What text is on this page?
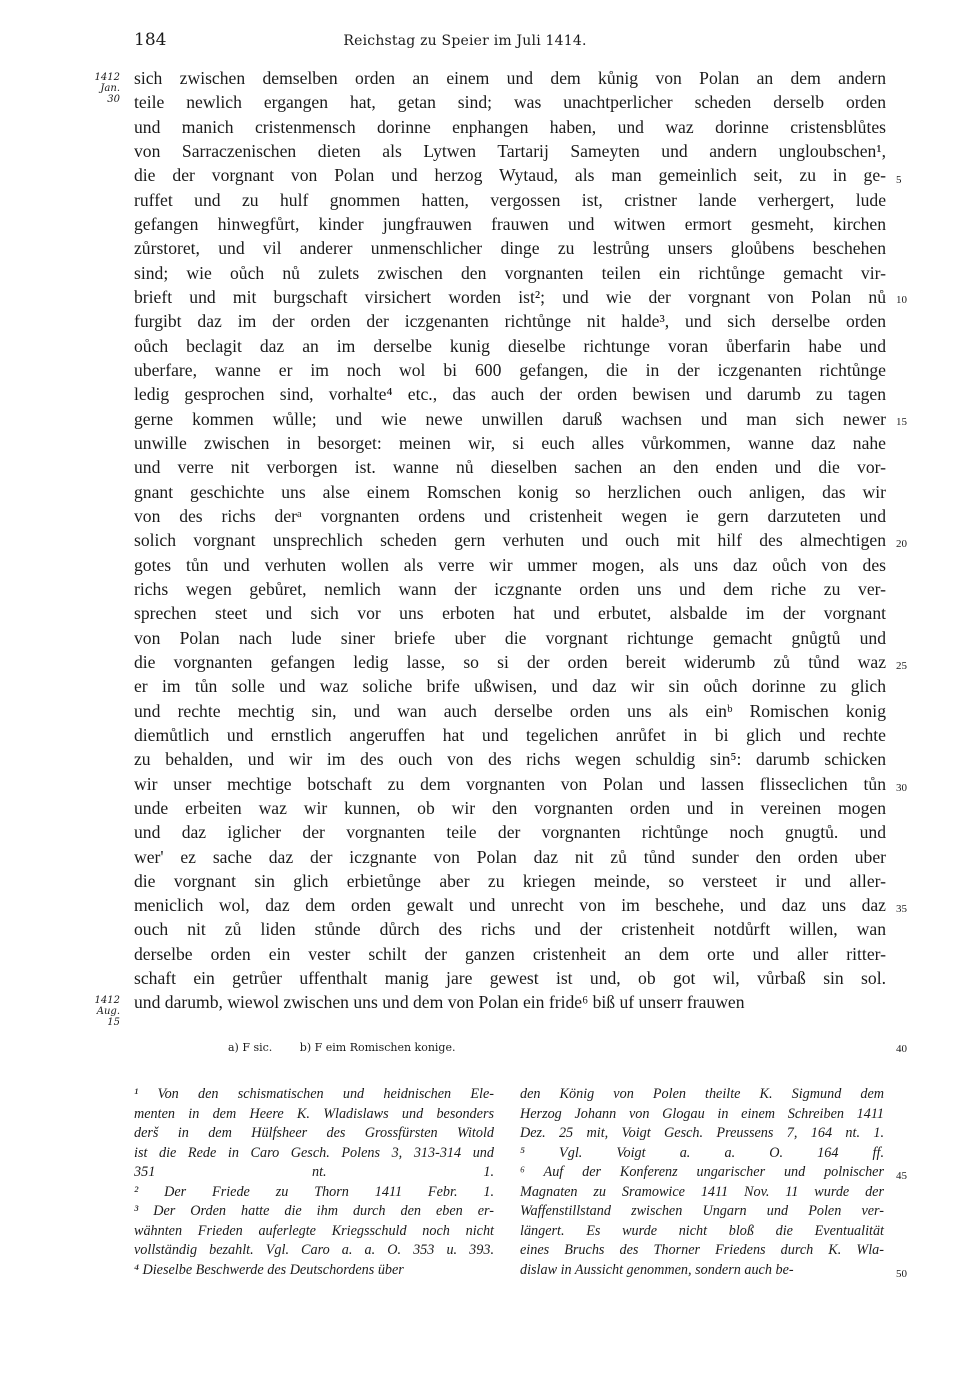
184	Reichstag zu Speier im Juli 1414.
1412
Jan. 30
1412
Aug. 15
sich zwischen demselben orden an einem und dem kůnig von Polan an dem andern
teile newlich ergangen hat, getan sind; was unachtperlicher scheden derselb orden
und manich cristenmensch dorinne enphangen haben, und waz dorinne cristensblůtes
von Sarraczenischen dieten als Lytwen Tartarij Sameyten und andern ungloubschen¹,
die der vorgnant von Polan und herzog Wytaud, als man gemeinlich seit, zu in ge-
ruffet und zu hulf gnommen hatten, vergossen ist, cristner lande verhergert, lude
gefangen hinwegfůrt, kinder jungfrauwen frauwen und witwen ermort gesmeht, kirchen
zůrstoret, und vil anderer unmenschlicher dinge zu lestrůng unsers gloůbens beschehen
sind; wie oůch nů zulets zwischen den vorgnanten teilen ein richtůnge gemacht vir-
brieft und mit burgschaft virsichert worden ist²; und wie der vorgnant von Polan nů
furgibt daz im der orden der iczgenanten richtůnge nit halde³, und sich derselbe orden
oůch beclagit daz an im derselbe kunig dieselbe richtunge voran ůberfarin habe und
uberfare, wanne er im noch wol bi 600 gefangen, die in der iczgenanten richtůnge
ledig gesprochen sind, vorhalte⁴ etc., das auch der orden bewisen und darumb zu tagen
gerne kommen wůlle; und wie newe unwillen daruß wachsen und man sich newer
unwille zwischen in besorget: meinen wir, si euch alles vůrkommen, wanne daz nahe
und verre nit verborgen ist. wanne nů dieselben sachen an den enden und die vor-
gnant geschichte uns alse einem Romschen konig so herzlichen ouch anligen, das wir
von des richs derᵃ vorgnanten ordens und cristenheit wegen ie gern darzuteten und
solich vorgnant unsprechlich scheden gern verhuten und ouch mit hilf des almechtigen
gotes tůn und verhuten wollen als verre wir ummer mogen, als uns daz oůch von des
richs wegen gebůret, nemlich wann der iczgnante orden uns und dem riche zu ver-
sprechen steet und sich vor uns erboten hat und erbutet, alsbalde im der vorgnant
von Polan nach lude siner briefe uber die vorgnant richtunge gemacht gnůgtů und
die vorgnanten gefangen ledig lasse, so si der orden bereit widerumb zů tůnd waz
er im tůn solle und waz soliche brife ußwisen, und daz wir sin oůch dorinne zu glich
und rechte mechtig sin, und wan auch derselbe orden uns als einᵇ Romischen konig
diemůtlich und ernstlich angeruffen hat und tegelichen anrůfet in bi glich und rechte
zu behalden, und wir im des ouch von des richs wegen schuldig sin⁵: darumb schicken
wir unser mechtige botschaft zu dem vorgnanten von Polan und lassen flisseclichen tůn
unde erbeiten waz wir kunnen, ob wir den vorgnanten orden und in vereinen mogen
und daz iglicher der vorgnanten teile der vorgnanten richtůnge noch gnugtů. und
wer' ez sache daz der iczgnante von Polan daz nit zů tůnd sunder den orden uber
die vorgnant sin glich erbietůnge aber zu kriegen meinde, so versteet ir und aller-
meniclich wol, daz dem orden gewalt und unrecht von im beschehe, und daz uns daz
ouch nit zů liden stůnde důrch des richs und der cristenheit notdůrft willen, wan
derselbe orden ein vester schilt der ganzen cristenheit an dem orte und aller ritter-
schaft ein getrůer uffenthalt manig jare gewest ist und, ob got wil, vůrbaß sin sol.
und darumb, wiewol zwischen uns und dem von Polan ein fride⁶ biß uf unserr frauwen
5
10
15
20
25
30
35
40
a) F sic.	b) F eim Romischen konige.
¹ Von den schismatischen und heidnischen Ele-
menten in dem Heere K. Wladislaws und besonders
derš in dem Hülfsheer des Grossfürsten Witold
ist die Rede in Caro Gesch. Polens 3, 313-314 und
351 nt. 1.
² Der Friede zu Thorn 1411 Febr. 1.
³ Der Orden hatte die ihm durch den eben er-
wähnten Frieden auferlegte Kriegsschuld noch nicht
vollständig bezahlt. Vgl. Caro a. a. O. 353 u. 393.
⁴ Dieselbe Beschwerde des Deutschordens über
den König von Polen theilte K. Sigmund dem
Herzog Johann von Glogau in einem Schreiben 1411
Dez. 25 mit, Voigt Gesch. Preussens 7, 164 nt. 1.
⁵ Vgl. Voigt a. a. O. 164 ff.
⁶ Auf der Konferenz ungarischer und polnischer
Magnaten zu Sramowice 1411 Nov. 11 wurde der
Waffenstillstand zwischen Ungarn und Polen ver-
längert. Es wurde nicht bloß die Eventualität
eines Bruchs des Thorner Friedens durch K. Wla-
dislaw in Aussicht genommen, sondern auch be-
45
50
